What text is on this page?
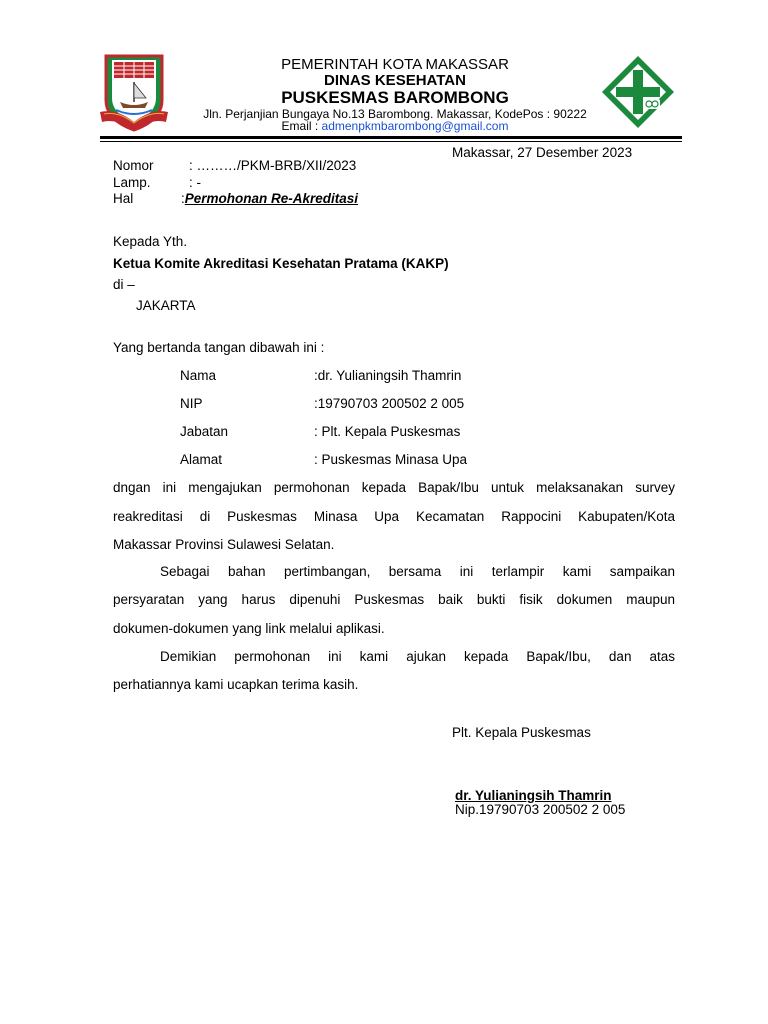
PEMERINTAH KOTA MAKASSAR
DINAS KESEHATAN
PUSKESMAS BAROMBONG
Jln. Perjanjian Bungaya No.13 Barombong. Makassar, KodePos : 90222
Email : admenpkmbarombong@gmail.com
Makassar, 27 Desember 2023
Nomor	: ………/PKM-BRB/XII/2023
Lamp.	: -
Hal	:Permohonan Re-Akreditasi
Kepada Yth.
Ketua Komite Akreditasi Kesehatan Pratama (KAKP)
di –
JAKARTA
Yang bertanda tangan dibawah ini :
Nama	:dr. Yulianingsih Thamrin
NIP	:19790703 200502 2 005
Jabatan	: Plt. Kepala Puskesmas
Alamat	: Puskesmas Minasa Upa
dngan ini mengajukan permohonan kepada Bapak/Ibu untuk melaksanakan survey
reakreditasi di Puskesmas Minasa Upa Kecamatan Rappocini Kabupaten/Kota
Makassar Provinsi Sulawesi Selatan.
Sebagai bahan pertimbangan, bersama ini terlampir kami sampaikan
persyaratan yang harus dipenuhi Puskesmas baik bukti fisik dokumen maupun
dokumen-dokumen yang link melalui aplikasi.
Demikian permohonan ini kami ajukan kepada Bapak/Ibu, dan atas
perhatiannya kami ucapkan terima kasih.
Plt. Kepala Puskesmas
dr. Yulianingsih Thamrin
Nip.19790703 200502 2 005
